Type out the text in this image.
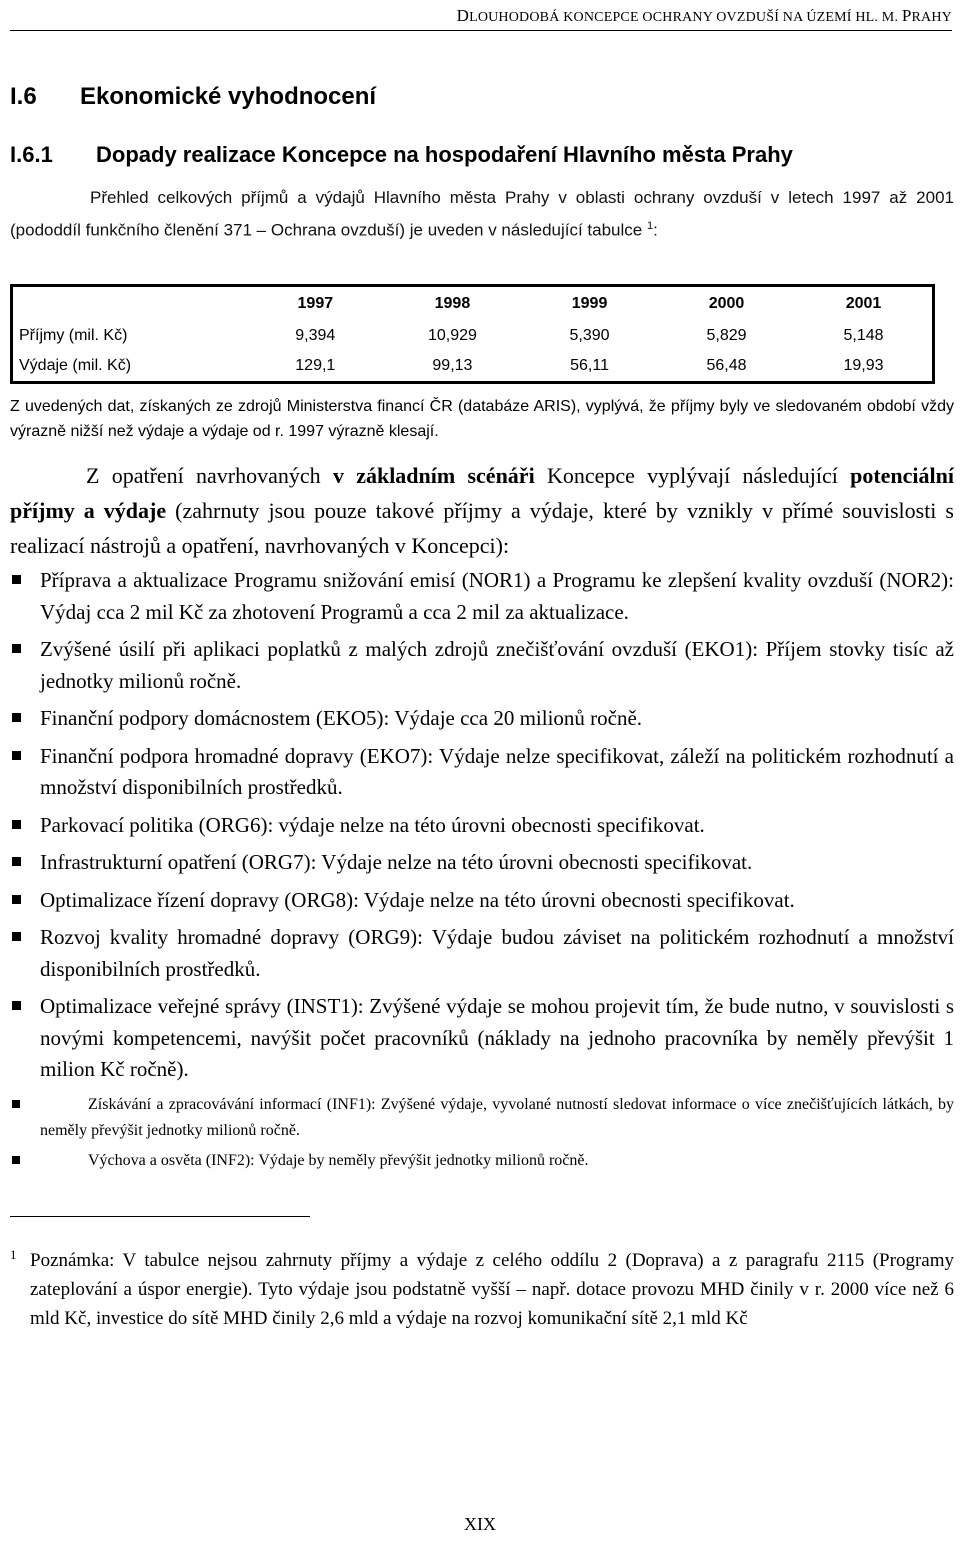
DLOUHODOBÁ KONCEPCE OCHRANY OVZDUŠÍ NA ÚZEMÍ HL. M. PRAHY
I.6 Ekonomické vyhodnocení
I.6.1 Dopady realizace Koncepce na hospodaření Hlavního města Prahy
Přehled celkových příjmů a výdajů Hlavního města Prahy v oblasti ochrany ovzduší v letech 1997 až 2001 (pododdíl funkčního členění 371 – Ochrana ovzduší) je uveden v následující tabulce $^1$:
	1997	1998	1999	2000	2001
Příjmy (mil. Kč)	9,394	10,929	5,390	5,829	5,148
Výdaje (mil. Kč)	129,1	99,13	56,11	56,48	19,93
Z uvedených dat, získaných ze zdrojů Ministerstva financí ČR (databáze ARIS), vyplývá, že příjmy byly ve sledovaném období vždy výrazně nižší než výdaje a výdaje od r. 1997 výrazně klesají.
Z opatření navrhovaných v základním scénáři Koncepce vyplývají následující potenciální příjmy a výdaje (zahrnuty jsou pouze takové příjmy a výdaje, které by vznikly v přímé souvislosti s realizací nástrojů a opatření, navrhovaných v Koncepci):
Příprava a aktualizace Programu snižování emisí (NOR1) a Programu ke zlepšení kvality ovzduší (NOR2): Výdaj cca 2 mil Kč za zhotovení Programů a cca 2 mil za aktualizace.
Zvýšené úsilí při aplikaci poplatků z malých zdrojů znečišťování ovzduší (EKO1): Příjem stovky tisíc až jednotky milionů ročně.
Finanční podpory domácnostem (EKO5): Výdaje cca 20 milionů ročně.
Finanční podpora hromadné dopravy (EKO7): Výdaje nelze specifikovat, záleží na politickém rozhodnutí a množství disponibilních prostředků.
Parkovací politika (ORG6): výdaje nelze na této úrovni obecnosti specifikovat.
Infrastrukturní opatření (ORG7): Výdaje nelze na této úrovni obecnosti specifikovat.
Optimalizace řízení dopravy (ORG8): Výdaje nelze na této úrovni obecnosti specifikovat.
Rozvoj kvality hromadné dopravy (ORG9): Výdaje budou záviset na politickém rozhodnutí a množství disponibilních prostředků.
Optimalizace veřejné správy (INST1): Zvýšené výdaje se mohou projevit tím, že bude nutno, v souvislosti s novými kompetencemi, navýšit počet pracovníků (náklady na jednoho pracovníka by neměly převýšit 1 milion Kč ročně).
Získávání a zpracovávání informací (INF1): Zvýšené výdaje, vyvolané nutností sledovat informace o více znečišťujících látkách, by neměly převýšit jednotky milionů ročně.
Výchova a osvěta (INF2): Výdaje by neměly převýšit jednotky milionů ročně.
1 Poznámka: V tabulce nejsou zahrnuty příjmy a výdaje z celého oddílu 2 (Doprava) a z paragrafu 2115 (Programy zateplování a úspor energie). Tyto výdaje jsou podstatně vyšší – např. dotace provozu MHD činily v r. 2000 více než 6 mld Kč, investice do sítě MHD činily 2,6 mld a výdaje na rozvoj komunikační sítě 2,1 mld Kč
XIX
